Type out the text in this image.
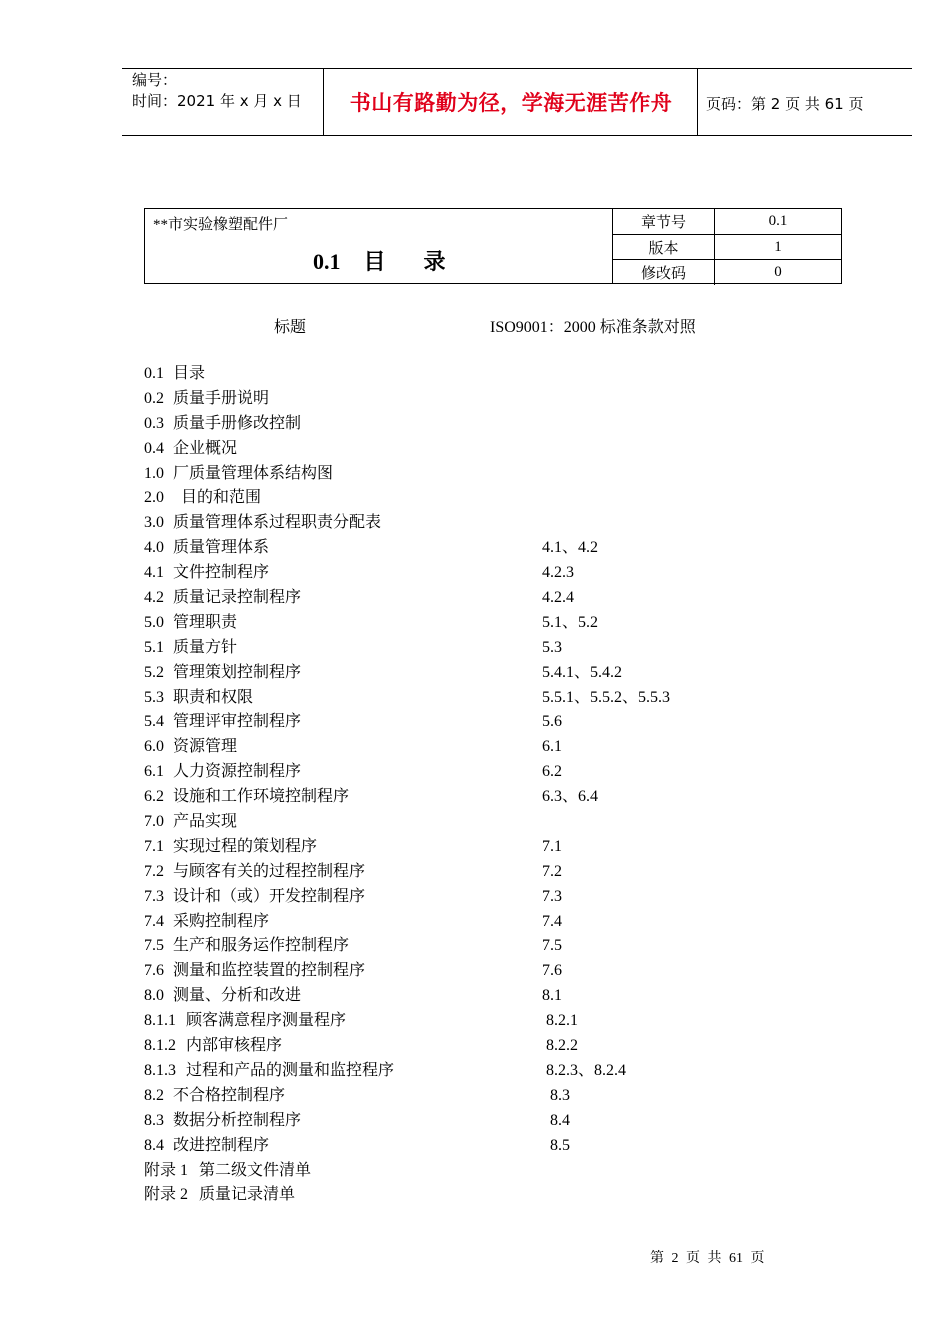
编号：
时间：2021 年 x 月 x 日	书山有路勤为径，学海无涯苦作舟	页码：第 2 页 共 61 页
**市实验橡塑配件厂
0.1 目 录
章节号	0.1
版本	1
修改码	0
标题	ISO9001：2000 标准条款对照
0.1 目录
0.2 质量手册说明
0.3 质量手册修改控制
0.4 企业概况
1.0 厂质量管理体系结构图
2.0 目的和范围
3.0 质量管理体系过程职责分配表
4.0 质量管理体系	4.1、4.2
4.1 文件控制程序	4.2.3
4.2 质量记录控制程序	4.2.4
5.0 管理职责	5.1、5.2
5.1 质量方针	5.3
5.2 管理策划控制程序	5.4.1、5.4.2
5.3 职责和权限	5.5.1、5.5.2、5.5.3
5.4 管理评审控制程序	5.6
6.0 资源管理	6.1
6.1 人力资源控制程序	6.2
6.2 设施和工作环境控制程序	6.3、6.4
7.0 产品实现
7.1 实现过程的策划程序	7.1
7.2 与顾客有关的过程控制程序	7.2
7.3 设计和（或）开发控制程序	7.3
7.4 采购控制程序	7.4
7.5 生产和服务运作控制程序	7.5
7.6 测量和监控装置的控制程序	7.6
8.0 测量、分析和改进	8.1
8.1.1 顾客满意程序测量程序	8.2.1
8.1.2 内部审核程序	8.2.2
8.1.3 过程和产品的测量和监控程序	8.2.3、8.2.4
8.2 不合格控制程序	8.3
8.3 数据分析控制程序	8.4
8.4 改进控制程序	8.5
附录 1 第二级文件清单
附录 2 质量记录清单
第 2 页 共 61 页
